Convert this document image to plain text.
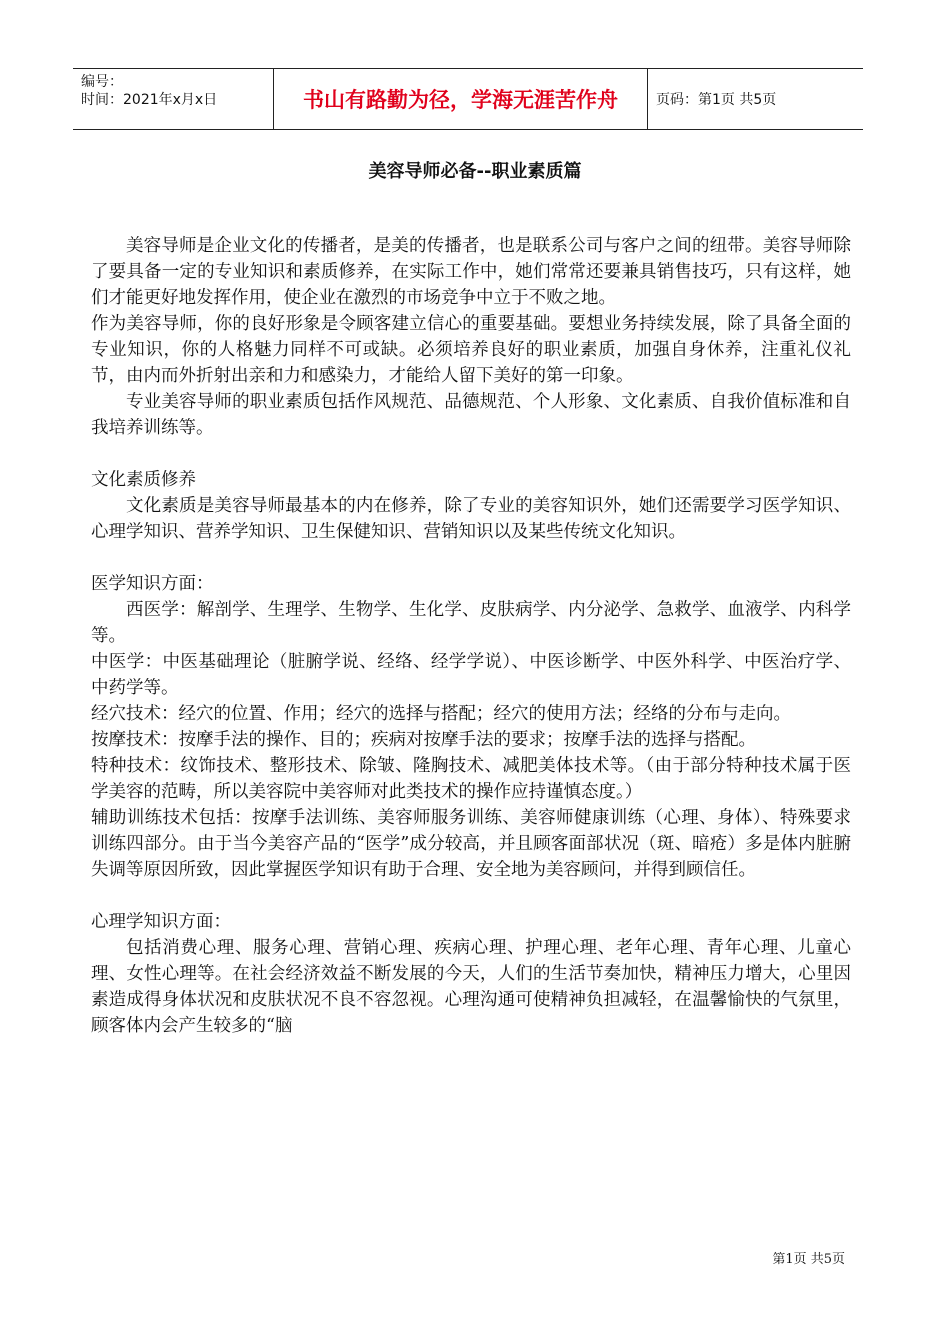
编号：
时间：2021年x月x日	书山有路勤为径，学海无涯苦作舟	页码：第1页 共5页
美容导师必备--职业素质篇

美容导师是企业文化的传播者，是美的传播者，也是联系公司与客户之间的纽带。美容导师除了要具备一定的专业知识和素质修养，在实际工作中，她们常常还要兼具销售技巧，只有这样，她们才能更好地发挥作用，使企业在激烈的市场竞争中立于不败之地。

作为美容导师，你的良好形象是令顾客建立信心的重要基础。要想业务持续发展，除了具备全面的专业知识，你的人格魅力同样不可或缺。必须培养良好的职业素质，加强自身休养，注重礼仪礼节，由内而外折射出亲和力和感染力，才能给人留下美好的第一印象。

专业美容导师的职业素质包括作风规范、品德规范、个人形象、文化素质、自我价值标准和自我培养训练等。

文化素质修养

文化素质是美容导师最基本的内在修养，除了专业的美容知识外，她们还需要学习医学知识、心理学知识、营养学知识、卫生保健知识、营销知识以及某些传统文化知识。

医学知识方面：

西医学：解剖学、生理学、生物学、生化学、皮肤病学、内分泌学、急救学、血液学、内科学等。

中医学：中医基础理论（脏腑学说、经络、经学学说）、中医诊断学、中医外科学、中医治疗学、中药学等。

经穴技术：经穴的位置、作用；经穴的选择与搭配；经穴的使用方法；经络的分布与走向。

按摩技术：按摩手法的操作、目的；疾病对按摩手法的要求；按摩手法的选择与搭配。

特种技术：纹饰技术、整形技术、除皱、隆胸技术、减肥美体技术等。（由于部分特种技术属于医学美容的范畴，所以美容院中美容师对此类技术的操作应持谨慎态度。）

辅助训练技术包括：按摩手法训练、美容师服务训练、美容师健康训练（心理、身体）、特殊要求训练四部分。由于当今美容产品的“医学”成分较高，并且顾客面部状况（斑、暗疮）多是体内脏腑失调等原因所致，因此掌握医学知识有助于合理、安全地为美容顾问，并得到顾信任。

心理学知识方面：

包括消费心理、服务心理、营销心理、疾病心理、护理心理、老年心理、青年心理、儿童心理、女性心理等。在社会经济效益不断发展的今天，人们的生活节奏加快，精神压力增大，心里因素造成得身体状况和皮肤状况不良不容忽视。心理沟通可使精神负担减轻，在温馨愉快的气氛里，顾客体内会产生较多的“脑

第1页 共5页
